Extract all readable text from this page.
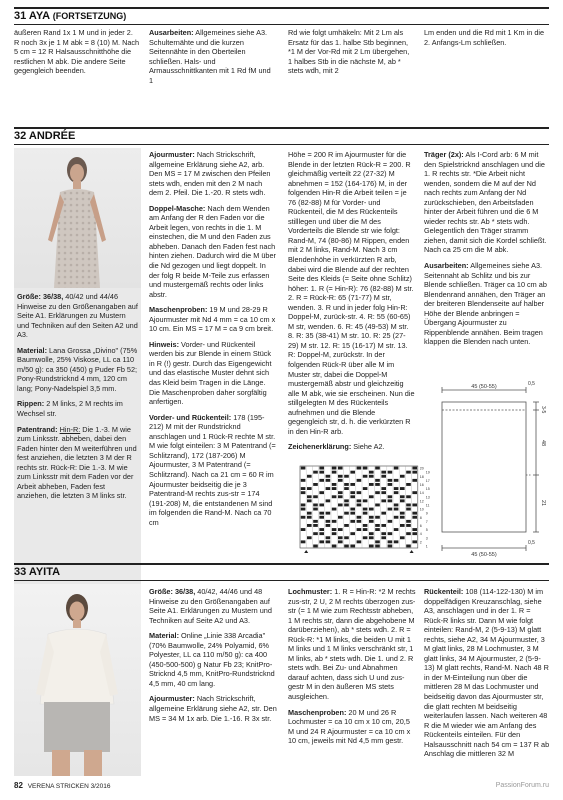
31 AYA (FORTSETZUNG)

äußeren Rand 1x 1 M und in jeder 2. R noch 3x je 1 M abk = 8 (10) M. Nach 5 cm = 12 R Halsausschnitthöhe die restlichen M abk. Die andere Seite gegengleich beenden.

Ausarbeiten: Allgemeines siehe A3. Schulternähte und die kurzen Seitennähte in den Oberteilen schließen. Hals- und Armausschnittkanten mit 1 Rd fM und 1

Rd wie folgt umhäkeln: Mit 2 Lm als Ersatz für das 1. halbe Stb beginnen, *1 M der Vor-Rd mit 2 Lm übergehen, 1 halbes Stb in die nächste M, ab * stets wdh, mit 2

Lm enden und die Rd mit 1 Km in die 2. Anfangs-Lm schließen.

32 ANDRÉE

Größe: 36/38, 40/42 und 44/46 Hinweise zu den Größenangaben auf Seite A1. Erklärungen zu Mustern und Techniken auf den Seiten A2 und A3.

Material: Lana Grossa „Divino" (75% Baumwolle, 25% Viskose, LL ca 110 m/50 g): ca 350 (450) g Puder Fb 52; Pony-Rundstricknd 4 mm, 120 cm lang; Pony-Nadelspiel 3,5 mm.

Rippen: 2 M links, 2 M rechts im Wechsel str.

Patentrand: Hin-R: Die 1.-3. M wie zum Linksstr. abheben, dabei den Faden hinter den M weiterführen und fest anziehen, die letzten 3 M der R rechts str. Rück-R: Die 1.-3. M wie zum Linksstr mit dem Faden vor der Arbeit abheben, Faden fest anziehen, die letzten 3 M links str.

Ajourmuster: Nach Strickschrift, allgemeine Erklärung siehe A2, arb. Den MS = 17 M zwischen den Pfeilen stets wdh, enden mit den 2 M nach dem 2. Pfeil. Die 1.-20. R stets wdh.

Doppel-Masche: Nach dem Wenden am Anfang der R den Faden vor die Arbeit legen, von rechts in die 1. M einstechen, die M und den Faden zus abheben. Danach den Faden fest nach hinten ziehen. Dadurch wird die M über die Nd gezogen und liegt doppelt. In der folg R beide M-Teile zus erfassen und mustergemäß rechts oder links abstr.

Maschenproben: 19 M und 28-29 R Ajourmuster mit Nd 4 mm = ca 10 cm x 10 cm. Ein MS = 17 M = ca 9 cm breit.

Hinweis: Vorder- und Rückenteil werden bis zur Blende in einem Stück in R (!) gestr. Durch das Eigengewicht und das elastische Muster dehnt sich das Kleid beim Tragen in die Länge. Die Maschenproben daher sorgfältig anfertigen.

Vorder- und Rückenteil: 178 (195-212) M mit der Rundstricknd anschlagen und 1 Rück-R rechte M str. M wie folgt einteilen: 3 M Patentrand (= Schlitzrand), 172 (187-206) M Ajourmuster, 3 M Patentrand (= Schlitzrand). Nach ca 21 cm = 60 R im Ajourmuster beidseitig die je 3 Patentrand-M rechts zus-str = 174 (191-208) M, die entstandenen M sind im folgenden die Rand-M. Nach ca 70 cm

Höhe = 200 R im Ajourmuster für die Blende in der letzten Rück-R = 200. R gleichmäßig verteilt 22 (27-32) M abnehmen = 152 (164-176) M, in der folgenden Hin-R die Arbeit teilen = je 76 (82-88) M für Vorder- und Rückenteil, die M des Rückenteils stilllegen und über die M des Vorderteils die Blende str wie folgt: Rand-M, 74 (80-86) M Rippen, enden mit 2 M links, Rand-M. Nach 3 cm Blendenhöhe in verkürzten R arb, dabei wird die Blende auf der rechten Seite des Kleids (= Seite ohne Schlitz) höher: 1. R (= Hin-R): 76 (82-88) M str. 2. R = Rück-R: 65 (71-77) M str, wenden. 3. R und in jeder folg Hin-R: Doppel-M, zurück-str. 4. R: 55 (60-65) M str, wenden. 6. R: 45 (49-53) M str. 8. R: 35 (38-41) M str. 10. R: 25 (27-29) M str. 12. R: 15 (16-17) M str. 13. R: Doppel-M, zurückstr. In der folgenden Rück-R über alle M im Muster str, dabei die Doppel-M mustergemäß abstr und gleichzeitig alle M abk, wie sie erscheinen. Nun die stillgelegten M des Rückenteils aufnehmen und die Blende gegengleich str, d. h. die verkürzten R in den Hin-R arb.

Zeichenerklärung: Siehe A2.

20
18
16
14
12
10
8
6
4
2
19
17
15
13
11
9
7
5
3
1

Träger (2x): Als I-Cord arb: 6 M mit den Spielstricknd anschlagen und die 1. R rechts str. *Die Arbeit nicht wenden, sondern die M auf der Nd nach rechts zum Anfang der Nd zurückschieben, den Arbeitsfaden hinter der Arbeit führen und die 6 M wieder rechts str. Ab * stets wdh. Gelegentlich den Träger stramm ziehen, damit sich die Kordel schließt. Nach ca 25 cm die M abk.

Ausarbeiten: Allgemeines siehe A3. Seitennaht ab Schlitz und bis zur Blende schließen. Träger ca 10 cm ab Blendenrand annähen, den Träger an der breiteren Blendenseite auf halber Höhe der Blende anbringen = Übergang Ajourmuster zu Rippenblende annähen. Beim tragen klappen die Blenden nach unten.

45 (50-55)
45 (50-55)
0,5
0,5
3-5
48
21
33 AYITA

Größe: 36/38, 40/42, 44/46 und 48 Hinweise zu den Größenangaben auf Seite A1. Erklärungen zu Mustern und Techniken auf Seite A2 und A3.

Material: Online „Linie 338 Arcadia" (70% Baumwolle, 24% Polyamid, 6% Polyester, LL ca 110 m/50 g): ca 400 (450-500-500) g Natur Fb 23; KnitPro-Stricknd 4,5 mm, KnitPro-Rundstricknd 4,5 mm, 40 cm lang.

Ajourmuster: Nach Strickschrift, allgemeine Erklärung siehe A2, str. Den MS = 34 M 1x arb. Die 1.-16. R 3x str.

Lochmuster: 1. R = Hin-R: *2 M rechts zus-str, 2 U, 2 M rechts überzogen zus-str (= 1 M wie zum Rechtsstr abheben, 1 M rechts str, dann die abgehobene M darüberziehen), ab * stets wdh. 2. R = Rück-R: *1 M links, die beiden U mit 1 M links und 1 M links verschränkt str, 1 M links, ab * stets wdh. Die 1. und 2. R stets wdh. Bei Zu- und Abnahmen darauf achten, dass sich U und zus-gestr M in den äußeren MS stets ausgleichen.

Maschenproben: 20 M und 26 R Lochmuster = ca 10 cm x 10 cm, 20,5 M und 24 R Ajourmuster = ca 10 cm x 10 cm, jeweils mit Nd 4,5 mm gestr.

Rückenteil: 108 (114-122-130) M im doppelfädigen Kreuzanschlag, siehe A3, anschlagen und in der 1. R = Rück-R links str. Dann M wie folgt einteilen: Rand-M, 2 (5-9-13) M glatt rechts, siehe A2, 34 M Ajourmuster, 3 M glatt links, 28 M Lochmuster, 3 M glatt links, 34 M Ajourmuster, 2 (5-9-13) M glatt rechts, Rand-M. Nach 48 R in der M-Einteilung nun über die mittleren 28 M das Lochmuster und beidseitig davon das Ajourmuster str, die glatt rechten M beidseitig weiterlaufen lassen. Nach weiteren 48 R die M wieder wie am Anfang des Rückenteils einteilen. Für den Halsausschnitt nach 54 cm = 137 R ab Anschlag die mittleren 32 M

82 VERENA STRICKEN 3/2016	PassionForum.ru
